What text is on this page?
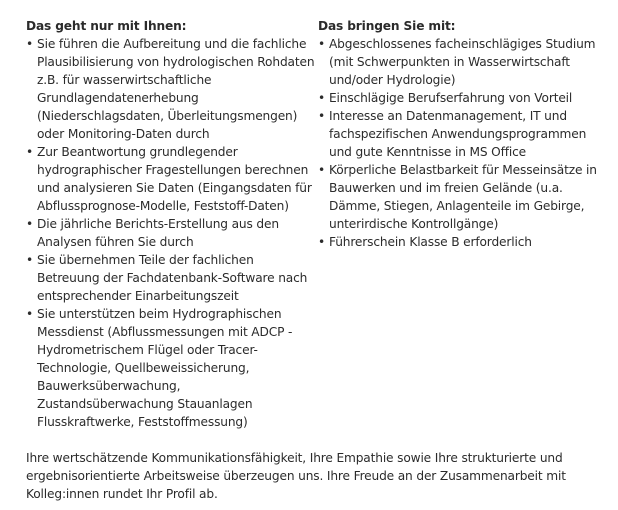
Das geht nur mit Ihnen:

• Sie führen die Aufbereitung und die fachliche Plausibilisierung von hydrologischen Rohdaten z.B. für wasserwirtschaftliche Grundlagendatenerhebung (Niederschlagsdaten, Überleitungsmengen) oder Monitoring-Daten durch
• Zur Beantwortung grundlegender hydrographischer Fragestellungen berechnen und analysieren Sie Daten (Eingangsdaten für Abflussprognose-Modelle, Feststoff-Daten)
• Die jährliche Berichts-Erstellung aus den Analysen führen Sie durch
• Sie übernehmen Teile der fachlichen Betreuung der Fachdatenbank-Software nach entsprechender Einarbeitungszeit
• Sie unterstützen beim Hydrographischen Messdienst (Abflussmessungen mit ADCP - Hydrometrischem Flügel oder Tracer-Technologie, Quellbeweissicherung, Bauwerksüberwachung, Zustandsüberwachung Stauanlagen Flusskraftwerke, Feststoffmessung)

Das bringen Sie mit:

• Abgeschlossenes facheinschlägiges Studium (mit Schwerpunkten in Wasserwirtschaft und/oder Hydrologie)
• Einschlägige Berufserfahrung von Vorteil
• Interesse an Datenmanagement, IT und fachspezifischen Anwendungsprogrammen und gute Kenntnisse in MS Office
• Körperliche Belastbarkeit für Messeinsätze in Bauwerken und im freien Gelände (u.a. Dämme, Stiegen, Anlagenteile im Gebirge, unterirdische Kontrollgänge)
• Führerschein Klasse B erforderlich

Ihre wertschätzende Kommunikationsfähigkeit, Ihre Empathie sowie Ihre strukturierte und ergebnisorientierte Arbeitsweise überzeugen uns. Ihre Freude an der Zusammenarbeit mit Kolleg:innen rundet Ihr Profil ab.
